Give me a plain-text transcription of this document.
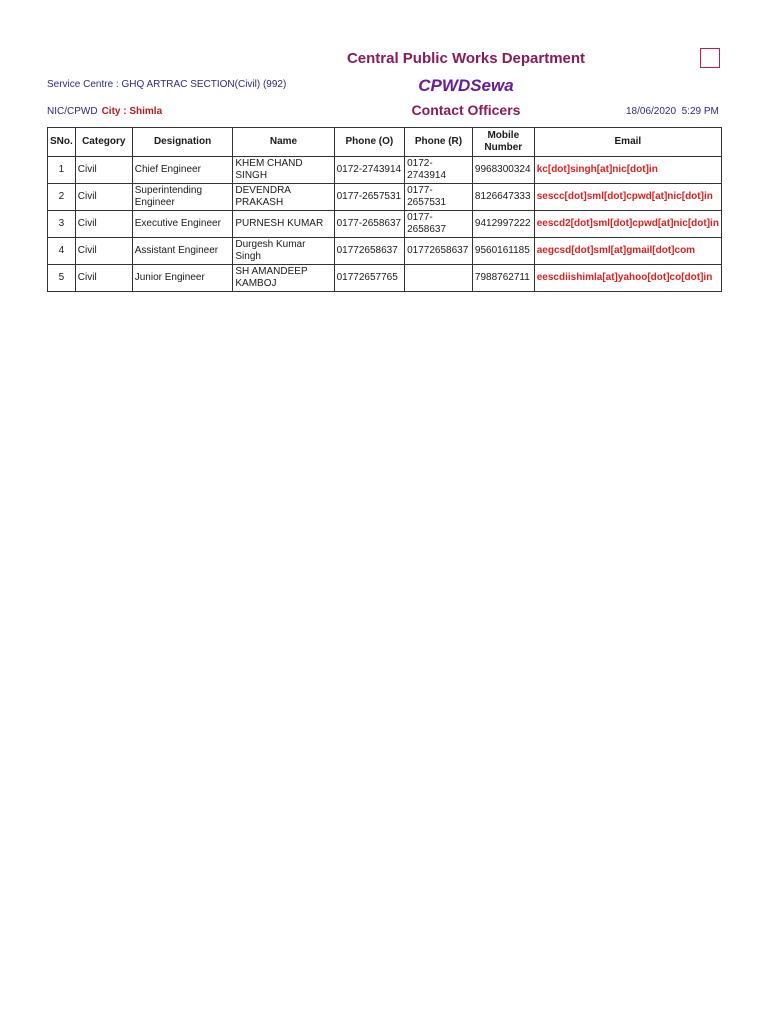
Central Public Works Department
Service Centre : GHQ ARTRAC SECTION(Civil) (992)	CPWDSewa
NIC/CPWD City : Shimla	Contact Officers	18/06/2020 5:29 PM
SNo.	Category	Designation	Name	Phone (O)	Phone (R)	Mobile Number	Email
1	Civil	Chief Engineer	KHEM CHAND SINGH	0172-2743914	0172-2743914	9968300324	kc[dot]singh[at]nic[dot]in
2	Civil	Superintending Engineer	DEVENDRA PRAKASH	0177-2657531	0177-2657531	8126647333	sescc[dot]sml[dot]cpwd[at]nic[dot]in
3	Civil	Executive Engineer	PURNESH KUMAR	0177-2658637	0177-2658637	9412997222	eescd2[dot]sml[dot]cpwd[at]nic[dot]in
4	Civil	Assistant Engineer	Durgesh Kumar Singh	01772658637	01772658637	9560161185	aegcsd[dot]sml[at]gmail[dot]com
5	Civil	Junior Engineer	SH AMANDEEP KAMBOJ	01772657765		7988762711	eescdiishimla[at]yahoo[dot]co[dot]in
